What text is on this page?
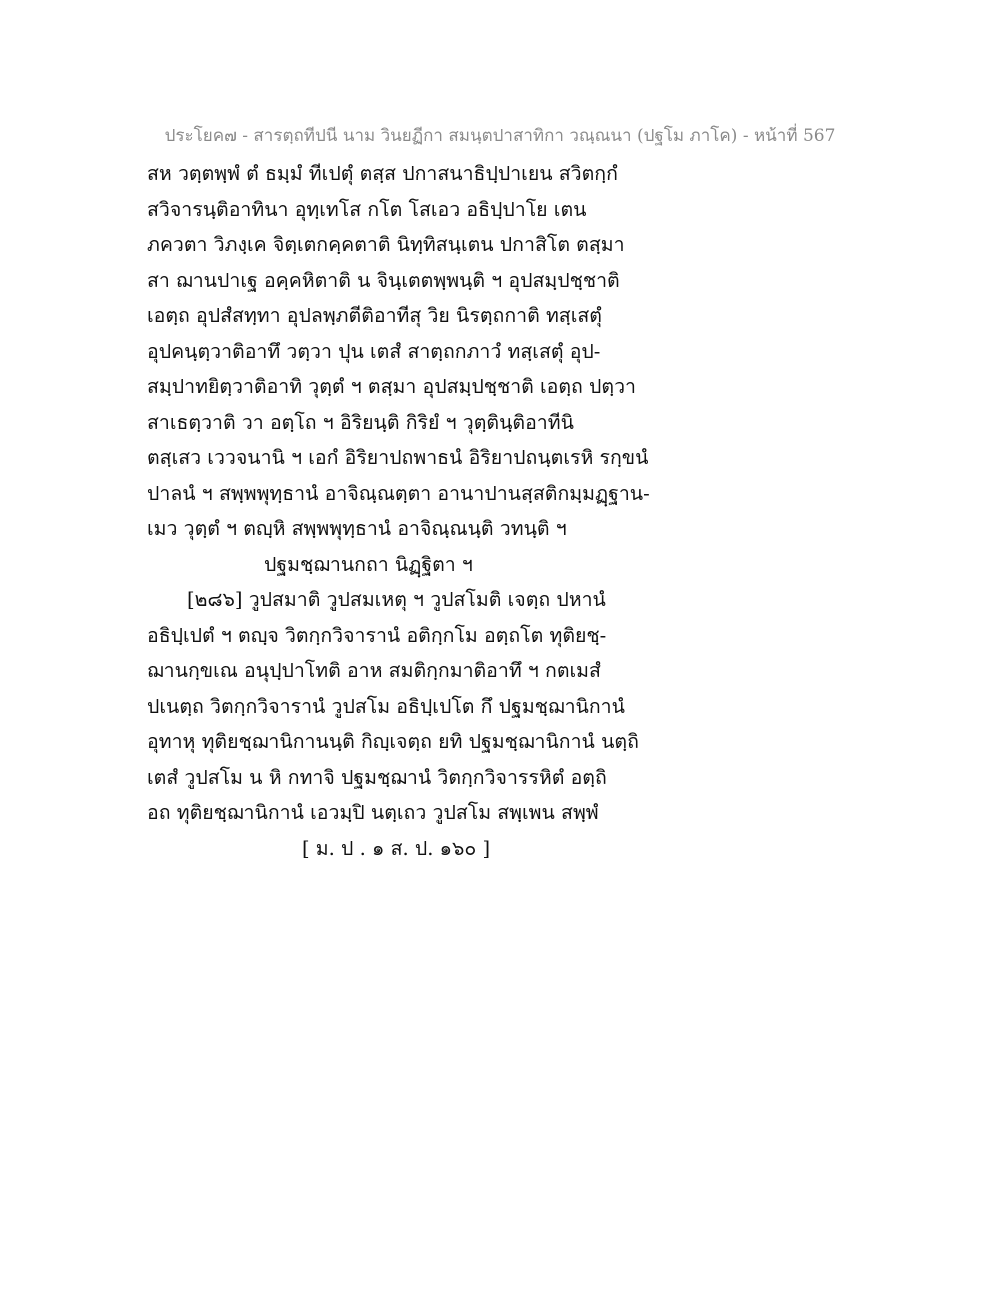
ประโยค๗ - สารตฺถทีปนี นาม วินยฏีกา สมนฺตปาสาทิกา วณฺณนา (ปฐโม ภาโค) - หน้าที่ 567
สห วตฺตพฺพํ ตํ ธมฺมํ ทีเปตุํ ตสฺส ปกาสนาธิปฺปาเยน สวิตกฺกํ
สวิจารนฺติอาทินา อุทฺเทโส กโต โสเอว อธิปฺปาโย เตน
ภควตา วิภงฺเค จิตฺเตกคฺคตาติ นิทฺทิสนฺเตน ปกาสิโต ตสฺมา
สา ฌานปาเฐ อคฺคหิตาติ น จินฺเตตพฺพนฺติ ฯ อุปสมฺปชฺชาติ
เอตฺถ อุปสํสทฺทา อุปลพฺภตีติอาทีสุ วิย นิรตฺถกาติ ทสฺเสตุํ
อุปคนฺตฺวาติอาทึ วตฺวา ปุน เตสํ สาตฺถกภาวํ ทสฺเสตุํ อุป-
สมฺปาทยิตฺวาติอาทิ วุตฺตํ ฯ ตสฺมา อุปสมฺปชฺชาติ เอตฺถ ปตฺวา
สาเธตฺวาติ วา อตฺโถ ฯ อิริยนฺติ กิริยํ ฯ วุตฺตินฺติอาทีนิ
ตสฺเสว เววจนานิ ฯ เอกํ อิริยาปถพาธนํ อิริยาปถนฺตเรหิ รกฺขนํ
ปาลนํ ฯ สพฺพพุทฺธานํ อาจิณฺณตฺตา อานาปานสฺสติกมฺมฏฺฐาน-
เมว วุตฺตํ ฯ ตญฺหิ สพฺพพุทฺธานํ อาจิณฺณนฺติ วทนฺติ ฯ
ปฐมชฺฌานกถา นิฏฺฐิตา ฯ
[๒๘๖] วูปสมาติ วูปสมเหตุ ฯ วูปสโมติ เจตฺถ ปหานํ
อธิปฺเปตํ ฯ ตญฺจ วิตกฺกวิจารานํ อติกฺกโม อตฺถโต ทุติยชฺ-
ฌานกฺขเณ อนุปฺปาโทติ อาห สมติกฺกมาติอาทึ ฯ กตเมสํ
ปเนตฺถ วิตกฺกวิจารานํ วูปสโม อธิปฺเปโต กึ ปฐมชฺฌานิกานํ
อุทาหุ ทุติยชฺฌานิกานนฺติ กิญฺเจตฺถ ยทิ ปฐมชฺฌานิกานํ นตฺถิ
เตสํ วูปสโม น หิ กทาจิ ปฐมชฺฌานํ วิตกฺกวิจารรหิตํ อตฺถิ
อถ ทุติยชฺฌานิกานํ เอวมฺปิ นตฺเถว วูปสโม สพฺเพน สพฺพํ
[ ม. ป . ๑ ส. ป. ๑๖๐ ]
